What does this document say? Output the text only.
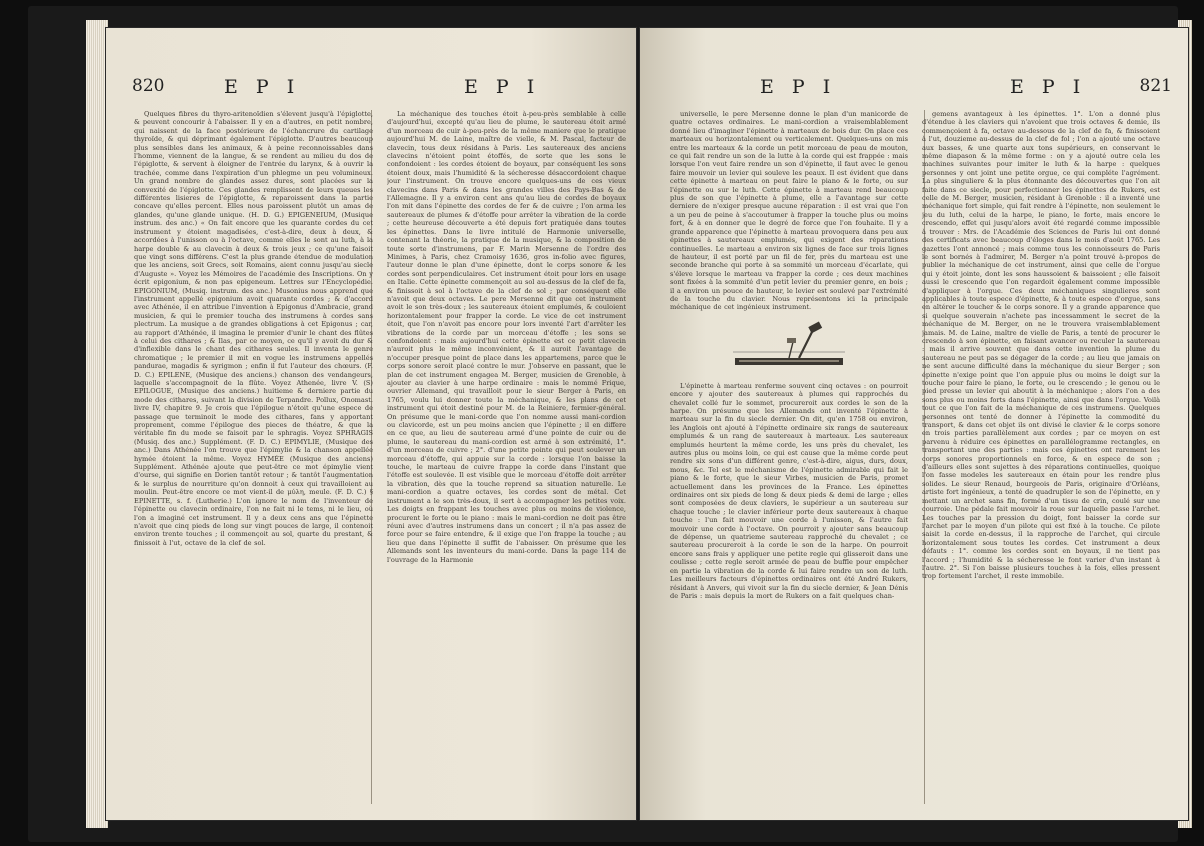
820	E P I	E P I

Quelques fibres du thyro-aritenoïdien s'élevent jusqu'à l'épiglotte, & peuvent concourir à l'abaisser. Il y en a d'autres, en petit nombre, qui naissent de la face postérieure de l'échancrure du cartilage thyroïde, & qui déprimant également l'épiglotte. D'autres beaucoup plus sensibles dans les animaux, & à peine reconnoissables dans l'homme, viennent de la langue, & se rendent au milieu du dos de l'épiglotte, & servent à éloigner de l'entrée du larynx, & à ouvrir la trachée, comme dans l'expiration d'un phlegme un peu volumineux. Un grand nombre de glandes assez dures, sont placées sur la convexité de l'épiglotte. Ces glandes remplissent de leurs queues les différentes lisieres de l'épiglotte, & reparoissent dans la partie concave qu'elles percent. Elles nous paroissent plutôt un amas de glandes, qu'une glande unique. (H. D. G.) EPIGENEIUM, (Musique instrum. des anc.) « On fait encore que les quarante cordes du cet instrument y étoient magadisées, c'est-à-dire, deux à deux, & accordées à l'unisson ou à l'octave, comme elles le sont au luth, à la harpe double & au clavecin à deux & trois jeux ; ce qu'une faisoit que vingt sons différens. C'est la plus grande étendue de modulation que les anciens, soit Grecs, soit Romains, aient connu jusqu'au siecle d'Auguste ». Voyez les Mémoires de l'académie des Inscriptions. On y écrit epigonium, & non pas epigeneum. Lettres sur l'Encyclopédie. EPIGONIUM, (Musiq. instrum. des anc.) Musonius nous apprend que l'instrument appellé epigonium avoit quarante cordes ; & d'accord avec Athénée, il en attribue l'invention à Epigonus d'Ambracie, grand musicien, & qui le premier toucha des instrumens à cordes sans plectrum. La musique a de grandes obligations à cet Epigonus ; car, au rapport d'Athénée, il imagina le premier d'unir le chant des flûtes à celui des cithares ; & Ilas, par ce moyen, ce qu'il y avoit du dur & d'inflexible dans le chant des cithares seules. Il inventa le genre chromatique ; le premier il mit en vogue les instrumens appellés pandurae, magadis & syrigmon ; enfin il fut l'auteur des chœurs. (F. D. C.) EPILENE, (Musique des anciens.) chanson des vendangeurs, laquelle s'accompagnoit de la flûte. Voyez Athenée, livre V. (S) EPILOGUE, (Musique des anciens.) huitieme & derniere partie du mode des cithares, suivant la division de Terpandre. Pollux, Onomast. livre IV, chapitre 9. Je crois que l'épilogue n'étoit qu'une espece de passage que terminoit le mode des cithares, fans y apportant proprement, comme l'épilogue des pieces de théatre, & que la véritable fin du mode se faisoit par le sphragis. Voyez SPHRAGIS (Musiq. des anc.) Supplément. (F. D. C.) EPIMYLIE, (Musique des anc.) Dans Athénée l'on trouve que l'épimylie & la chanson appellée hymée étoient la même. Voyez HYMÉE (Musique des anciens) Supplément. Athénée ajoute que peut-être ce mot épimylie vient d'ourse, qui signifie en Dorien tantôt retour ; & tantôt l'augmentation & le surplus de nourriture qu'on donnoit à ceux qui travailloient au moulin. Peut-être encore ce mot vient-il de μύλη, meule. (F. D. C.) § EPINETTE, s. f. (Lutherie.) L'on ignore le nom de l'inventeur de l'épinette ou clavecin ordinaire, l'on ne fait ni le tems, ni le lieu, où l'on a imaginé cet instrument. Il y a deux cens ans que l'épinette n'avoit que cinq pieds de long sur vingt pouces de large, il contenoit environ trente touches ; il commençoit au sol, quarte du prestant, & finissoit à l'ut, octave de la clef de sol.

La méchanique des touches étoit à-peu-près semblable à celle d'aujourd'hui, excepté qu'au lieu de plume, le sautereau étoit armé d'un morceau de cuir à-peu-près de la même maniere que le pratique aujourd'hui M. de Laine, maître de vielle, & M. Pascal, facteur de clavecin, tous deux résidans à Paris. Les sautereaux des anciens clavecins n'étoient point étoffés, de sorte que les sons le confondoient : les cordes étoient de boyaux, par conséquent les sons étoient doux, mais l'humidité & la sécheresse désaccordoient chaque jour l'instrument. On trouve encore quelques-uns de ces vieux clavecins dans Paris & dans les grandes villes des Pays-Bas & de l'Allemagne. Il y a environ cent ans qu'au lieu de cordes de boyaux l'on mit dans l'épinette des cordes de fer & de cuivre ; l'on arma les sautereaux de plumes & d'étoffe pour arrêter la vibration de la corde ; cette heureuse découverte a été depuis fort pratiquée dans toutes les épinettes. Dans le livre intitulé de Harmonie universelle, contenant la théorie, la pratique de la musique, & la composition de toute sorte d'instrumens, par F. Marin Mersenne de l'ordre des Minimes, à Paris, chez Cramoisy 1636, gros in-folio avec figures, l'auteur donne le plan d'une épinette, dont le corps sonore & les cordes sont perpendiculaires. Cet instrument étoit pour lors en usage en Italie. Cette épinette commençoit au sol au-dessus de la clef de fa, & finissoit à sol à l'octave de la clef de sol ; par conséquent elle n'avoit que deux octaves. Le pere Mersenne dit que cet instrument avoit le son très-doux ; les sautereaux étoient emplumés, & couloient horizontalement pour frapper la corde. Le vice de cet instrument étoit, que l'on n'avoit pas encore pour lors inventé l'art d'arrêter les vibrations de la corde par un morceau d'étoffe ; les sons se confondoient : mais aujourd'hui cette épinette est ce petit clavecin n'auroit plus le même inconvénient, & il auroit l'avantage de n'occuper presque point de place dans les appartemens, parce que le corps sonore seroit placé contre le mur. J'observe en passant, que le plan de cet instrument engagea M. Berger, musicien de Grenoble, à ajouter au clavier à une harpe ordinaire : mais le nommé Frique, ouvrier Allemand, qui travailloit pour le sieur Berger à Paris, en 1765, voulu lui donner toute la méchanique, & les plans de cet instrument qui étoit destiné pour M. de la Reiniere, fermier-général. On présume que le mani-corde que l'on nomme aussi mani-cordion ou clavicorde, est un peu moins ancien que l'épinette ; il en differe en ce que, au lieu de sautereau armé d'une pointe de cuir ou de plume, le sautereau du mani-cordion est armé à son extrémité, 1°. d'un morceau de cuivre ; 2°. d'une petite pointe qui peut soulever un morceau d'étoffe, qui appuie sur la corde : lorsque l'on baisse la touche, le marteau de cuivre frappe la corde dans l'instant que l'étoffe est soulevée. Il est visible que le morceau d'étoffe doit arrêter la vibration, dès que la touche reprend sa situation naturelle. Le mani-cordion a quatre octaves, les cordes sont de métal. Cet instrument a le son très-doux, il sert à accompagner les petites voix. Les doigts en frappant les touches avec plus ou moins de violence, procurent le forte ou le piano : mais le mani-cordion ne doit pas être réuni avec d'autres instrumens dans un concert ; il n'a pas assez de force pour se faire entendre, & il exige que l'on frappe la touche ; au lieu que dans l'épinette il suffit de l'abaisser. On présume que les Allemands sont les inventeurs du mani-corde. Dans la page 114 de l'ouvrage de la Harmonie

821
E P I	E P I

universelle, le pere Mersenne donne le plan d'un manicorde de quatre octaves ordinaires. Le mani-cordion a vraisemblablement donné lieu d'imaginer l'épinette à marteaux de bois dur. On place ces marteaux ou horizontalement ou verticalement. Quelques-uns on mis entre les marteaux & la corde un petit morceau de peau de mouton, ce qui fait rendre un son de la lutte à la corde qui est frappée : mais lorsque l'on veut faire rendre un son d'épinette, il faut avec le genou faire mouvoir un levier qui souleve les peaux. Il est évident que dans cette épinette à marteau on peut faire le piano & le forte, ou sur l'épinette ou sur le luth. Cette épinette à marteau rend beaucoup plus de son que l'épinette à plume, elle a l'avantage sur cette derniere de n'exiger presque aucune réparation : il est vrai que l'on a un peu de peine à s'accoutumer à frapper la touche plus ou moins fort, & à en donner que le degré de force que l'on fouhaite. Il y a grande apparence que l'épinette à marteau provoquera dans peu aux épinettes à sautereaux emplumés, qui exigent des réparations continuelles. Le marteau a environ six lignes de face sur trois lignes de hauteur, il est porté par un fil de fer, près du marteau est une seconde branche qui porte à sa sommité un morceau d'écarlate, qui s'éleve lorsque le marteau va frapper la corde ; ces deux machines sont fixées à la sommité d'un petit levier du premier genre, en bois ; il a environ un pouce de hauteur, le levier est soulevé par l'extrémité de la touche du clavier. Nous représentons ici la principale méchanique de cet ingénieux instrument.

L'épinette à marteau renferme souvent cinq octaves : on pourroit encore y ajouter des sautereaux à plumes qui rapprochés du chevalet collé fur le sommet, procureroit aux cordes le son de la harpe. On présume que les Allemands ont inventé l'épinette à marteau sur la fin du siecle dernier. On dit, qu'en 1758 ou environ, les Anglois ont ajouté à l'épinette ordinaire six rangs de sautereaux emplumés & un rang de sautereaux à marteaux. Les sautereaux emplumés heurtent la même corde, les uns près du chevalet, les autres plus ou moins loin, ce qui est cause que la même corde peut rendre six sons d'un différent genre, c'est-à-dire, aigus, durs, doux, mous, &c. Tel est le méchanisme de l'épinette admirable qui fait le piano & le forte, que le sieur Virbes, musicien de Paris, promet actuellement dans les provinces de la France. Les épinettes ordinaires ont six pieds de long & deux pieds & demi de large ; elles sont composées de deux claviers, le supérieur a un sautereau sur chaque touche ; le clavier inférieur porte deux sautereaux à chaque touche : l'un fait mouvoir une corde à l'unisson, & l'autre fait mouvoir une corde à l'octave. On pourroit y ajouter sans beaucoup de dépense, un quatrieme sautereau rapproché du chevalet ; ce sautereau procureroit à la corde le son de la harpe. On pourroit encore sans frais y appliquer une petite regle qui glisseroit dans une coulisse ; cette regle seroit armée de peau de buffle pour empêcher en partie la vibration de la corde & lui faire rendre un son de luth. Les meilleurs facteurs d'épinettes ordinaires ont été André Rukers, résidant à Anvers, qui vivoit sur la fin du siecle dernier, & Jean Dénis de Paris : mais depuis la mort de Rukers on a fait quelques chan-

gemens avantageux à les épinettes. 1°. L'on a donné plus d'étendue à les claviers qui n'avoient que trois octaves & demie, ils commençoient à fa, octave au-dessous de la clef de fa, & finissoient à l'ut, douzieme au-dessus de la clef de fol ; l'on a ajouté une octave aux basses, & une quarte aux tons supérieurs, en conservant le même diapason & la même forme : on y a ajouté outre cela les machines suivantes pour imiter le luth & la harpe : quelques personnes y ont joint une petite orgue, ce qui compléte l'agrément. La plus singuliere & la plus étonnante des découvertes que l'on ait faite dans ce siecle, pour perfectionner les épinettes de Rukers, est celle de M. Berger, musicien, résidant à Grenoble : il a inventé une méchanique fort simple, qui fait rendre à l'épinette, non seulement le jeu du luth, celui de la harpe, le piano, le forte, mais encore le crescendo, effet qui jusqu'alors avoit été regardé comme impossible à trouver : Mrs. de l'Académie des Sciences de Paris lui ont donné des certificats avec beaucoup d'éloges dans le mois d'août 1765. Les gazettes l'ont annoncé ; mais comme tous les connoisseurs de Paris le sont bornés à l'admirer, M. Berger n'a point trouvé à-propos de publier la méchanique de cet instrument, ainsi que celle de l'orgue qui y étoit jointe, dont les sons haussoient & baissoient ; elle faisoit aussi le crescendo que l'on regardoit également comme impossible d'appliquer à l'orgue. Ces deux méchaniques singulieres sont applicables à toute espece d'épinette, & à toute espece d'orgue, sans en altérer le toucher & le corps sonore. Il y a grande apparence que si quelque souverain n'achete pas incessamment le secret de la méchanique de M. Berger, on ne le trouvera vraisemblablement jamais. M. de Laine, maître de vielle de Paris, a tenté de procurer le crescendo à son épinette, en faisant avancer ou reculer la sautereau : mais il arrive souvent que dans cette invention la plume du sautereau ne peut pas se dégager de la corde ; au lieu que jamais on ne sent aucune difficulté dans la méchanique du sieur Berger ; son épinette n'exige point que l'on appuie plus ou moins le doigt sur la touche pour faire le piano, le forte, ou le crescendo ; le genou ou le pied presse un levier qui aboutit à la méchanique ; alors l'on a des sons plus ou moins forts dans l'épinette, ainsi que dans l'orgue. Voilà tout ce que l'on fait de la méchanique de ces instrumens. Quelques personnes ont tenté de donner à l'épinette la commodité du transport, & dans cet objet ils ont divisé le clavier & le corps sonore en trois parties parallèlement aux cordes ; par ce moyen on est parvenu à réduire ces épinettes en parallélogramme rectangles, en transportant une des parties : mais ces épinettes ont rarement les corps sonores proportionnels en force, & en espece de son ; d'ailleurs elles sont sujettes à des réparations continuelles, quoique l'on fasse modeles les sautereaux en étain pour les rendre plus solides. Le sieur Renaud, bourgeois de Paris, originaire d'Orléans, artiste fort ingénieux, a tenté de quadrupler le son de l'épinette, en y mettant un archet sans fin, formé d'un tissu de crin, coulé sur une courroie. Une pédale fait mouvoir la roue sur laquelle passe l'archet. Les touches par la pression du doigt, font baisser la corde sur l'archet par le moyen d'un pilote qui est fixé à la touche. Ce pilote saisit la corde en-dessus, il la rapproche de l'archet, qui circule horizontalement sous toutes les cordes. Cet instrument a deux défauts : 1°. comme les cordes sont en boyaux, il ne tient pas l'accord ; l'humidité & la sécheresse le font varier d'un instant à l'autre. 2°. Si l'on baisse plusieurs touches à la fois, elles pressent trop fortement l'archet, il reste immobile.
